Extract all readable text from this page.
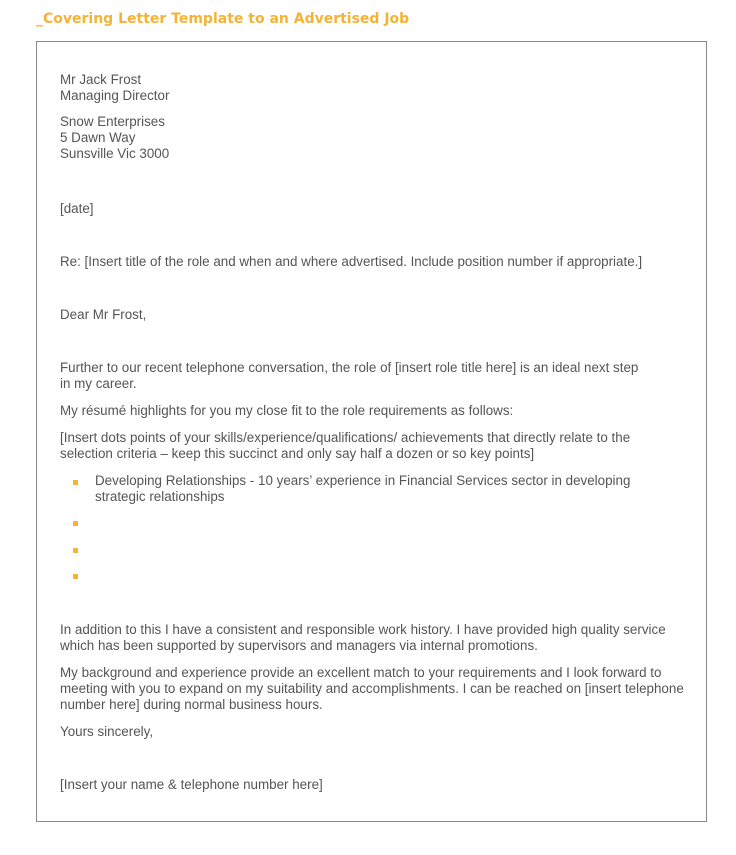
_Covering Letter Template to an Advertised Job
Mr Jack Frost
Managing Director
Snow Enterprises
5 Dawn Way
Sunsville Vic 3000
[date]
Re: [Insert title of the role and when and where advertised. Include position number if appropriate.]
Dear Mr Frost,
Further to our recent telephone conversation, the role of [insert role title here] is an ideal next step
in my career.
My résumé highlights for you my close fit to the role requirements as follows:
[Insert dots points of your skills/experience/qualifications/ achievements that directly relate to the
selection criteria – keep this succinct and only say half a dozen or so key points]
Developing Relationships - 10 years’ experience in Financial Services sector in developing
strategic relationships
In addition to this I have a consistent and responsible work history. I have provided high quality service
which has been supported by supervisors and managers via internal promotions.
My background and experience provide an excellent match to your requirements and I look forward to
meeting with you to expand on my suitability and accomplishments. I can be reached on [insert telephone
number here] during normal business hours.
Yours sincerely,
[Insert your name & telephone number here]
